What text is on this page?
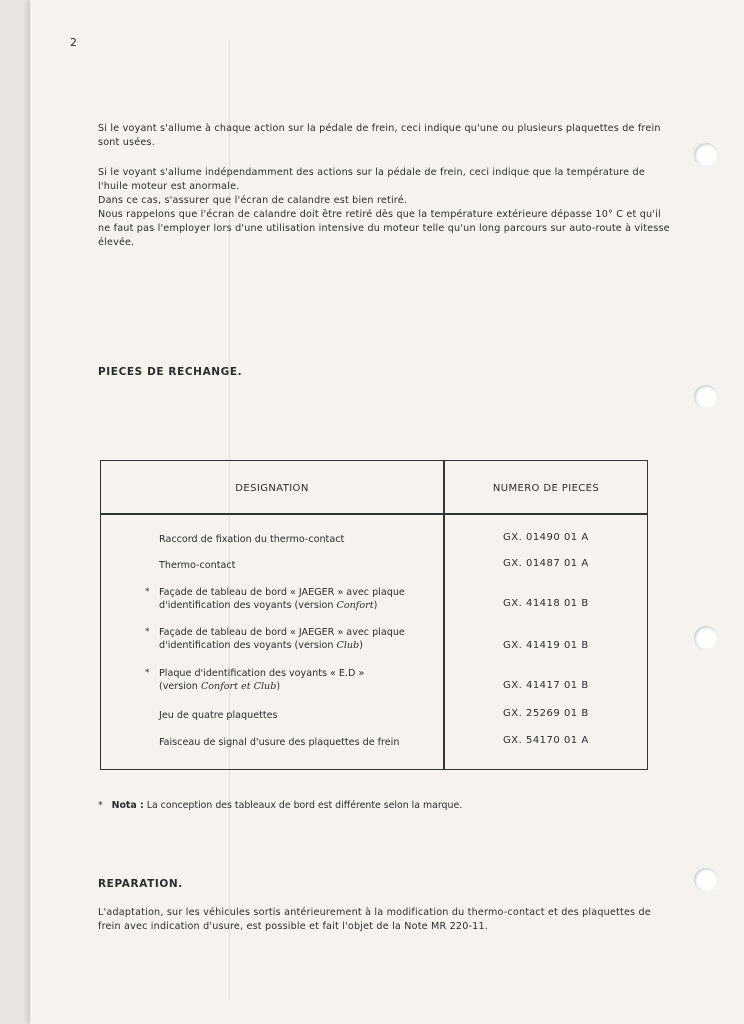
2
Si le voyant s'allume à chaque action sur la pédale de frein, ceci indique qu'une ou plusieurs plaquettes de frein sont usées.
Si le voyant s'allume indépendamment des actions sur la pédale de frein, ceci indique que la température de l'huile moteur est anormale.
Dans ce cas, s'assurer que l'écran de calandre est bien retiré.
Nous rappelons que l'écran de calandre doit être retiré dès que la température extérieure dépasse 10° C et qu'il ne faut pas l'employer lors d'une utilisation intensive du moteur telle qu'un long parcours sur auto-route à vitesse élevée.
PIECES DE RECHANGE.
DESIGNATION	NUMERO DE PIECES
Raccord de fixation du thermo-contact	GX. 01490 01 A
Thermo-contact	GX. 01487 01 A
* Façade de tableau de bord « JAEGER » avec plaque
d'identification des voyants (version Confort)	GX. 41418 01 B
* Façade de tableau de bord « JAEGER » avec plaque
d'identification des voyants (version Club)	GX. 41419 01 B
* Plaque d'identification des voyants « E.D »
(version Confort et Club)	GX. 41417 01 B
Jeu de quatre plaquettes	GX. 25269 01 B
Faisceau de signal d'usure des plaquettes de frein	GX. 54170 01 A
* Nota : La conception des tableaux de bord est différente selon la marque.
REPARATION.
L'adaptation, sur les véhicules sortis antérieurement à la modification du thermo-contact et des plaquettes de frein avec indication d'usure, est possible et fait l'objet de la Note MR 220-11.
